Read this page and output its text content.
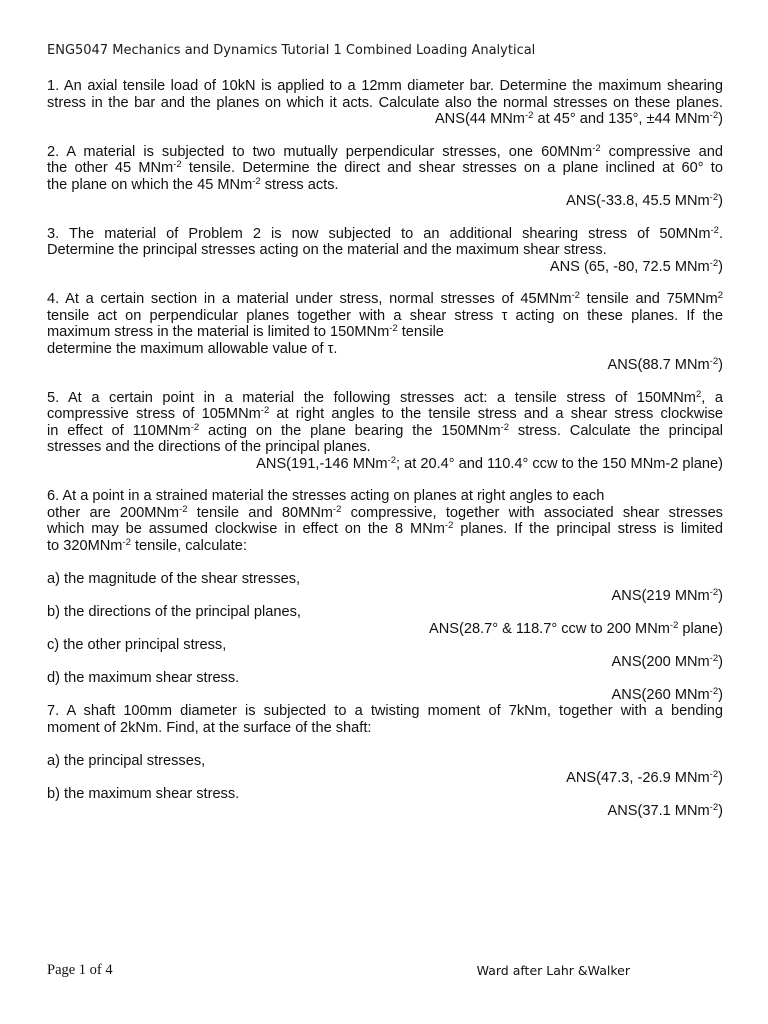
ENG5047 Mechanics and Dynamics Tutorial 1 Combined Loading Analytical
1. An axial tensile load of 10kN is applied to a 12mm diameter bar. Determine the maximum shearing
stress in the bar and the planes on which it acts. Calculate also the normal stresses on these planes.
ANS(44 MNm$^{-2}$ at 45° and 135°, ±44 MNm$^{-2}$)
2. A material is subjected to two mutually perpendicular stresses, one 60MNm$^{-2}$ compressive and
the other 45 MNm$^{-2}$ tensile. Determine the direct and shear stresses on a plane inclined at 60° to
the plane on which the 45 MNm$^{-2}$ stress acts.
ANS(-33.8, 45.5 MNm$^{-2}$)
3. The material of Problem 2 is now subjected to an additional shearing stress of 50MNm$^{-2}$.
Determine the principal stresses acting on the material and the maximum shear stress.
ANS (65, -80, 72.5 MNm$^{-2}$)
4. At a certain section in a material under stress, normal stresses of 45MNm$^{-2}$ tensile and 75MNm$^2$
tensile act on perpendicular planes together with a shear stress τ acting on these planes. If the
maximum stress in the material is limited to 150MNm$^{-2}$ tensile
determine the maximum allowable value of τ.
ANS(88.7 MNm$^{-2}$)
5. At a certain point in a material the following stresses act: a tensile stress of 150MNm$^2$, a
compressive stress of 105MNm$^{-2}$ at right angles to the tensile stress and a shear stress clockwise
in effect of 110MNm$^{-2}$ acting on the plane bearing the 150MNm$^{-2}$ stress. Calculate the principal
stresses and the directions of the principal planes.
ANS(191,-146 MNm$^{-2}$; at 20.4° and 110.4° ccw to the 150 MNm-2 plane)
6. At a point in a strained material the stresses acting on planes at right angles to each
other are 200MNm$^{-2}$ tensile and 80MNm$^{-2}$ compressive, together with associated shear stresses
which may be assumed clockwise in effect on the 8 MNm$^{-2}$ planes. If the principal stress is limited
to 320MNm$^{-2}$ tensile, calculate:
a) the magnitude of the shear stresses,
ANS(219 MNm$^{-2}$)
b) the directions of the principal planes,
ANS(28.7° & 118.7° ccw to 200 MNm$^{-2}$ plane)
c) the other principal stress,
ANS(200 MNm$^{-2}$)
d) the maximum shear stress.
ANS(260 MNm$^{-2}$)
7. A shaft 100mm diameter is subjected to a twisting moment of 7kNm, together with a bending
moment of 2kNm. Find, at the surface of the shaft:
a) the principal stresses,
ANS(47.3, -26.9 MNm$^{-2}$)
b) the maximum shear stress.
ANS(37.1 MNm$^{-2}$)
Page 1 of 4	Ward after Lahr &Walker
